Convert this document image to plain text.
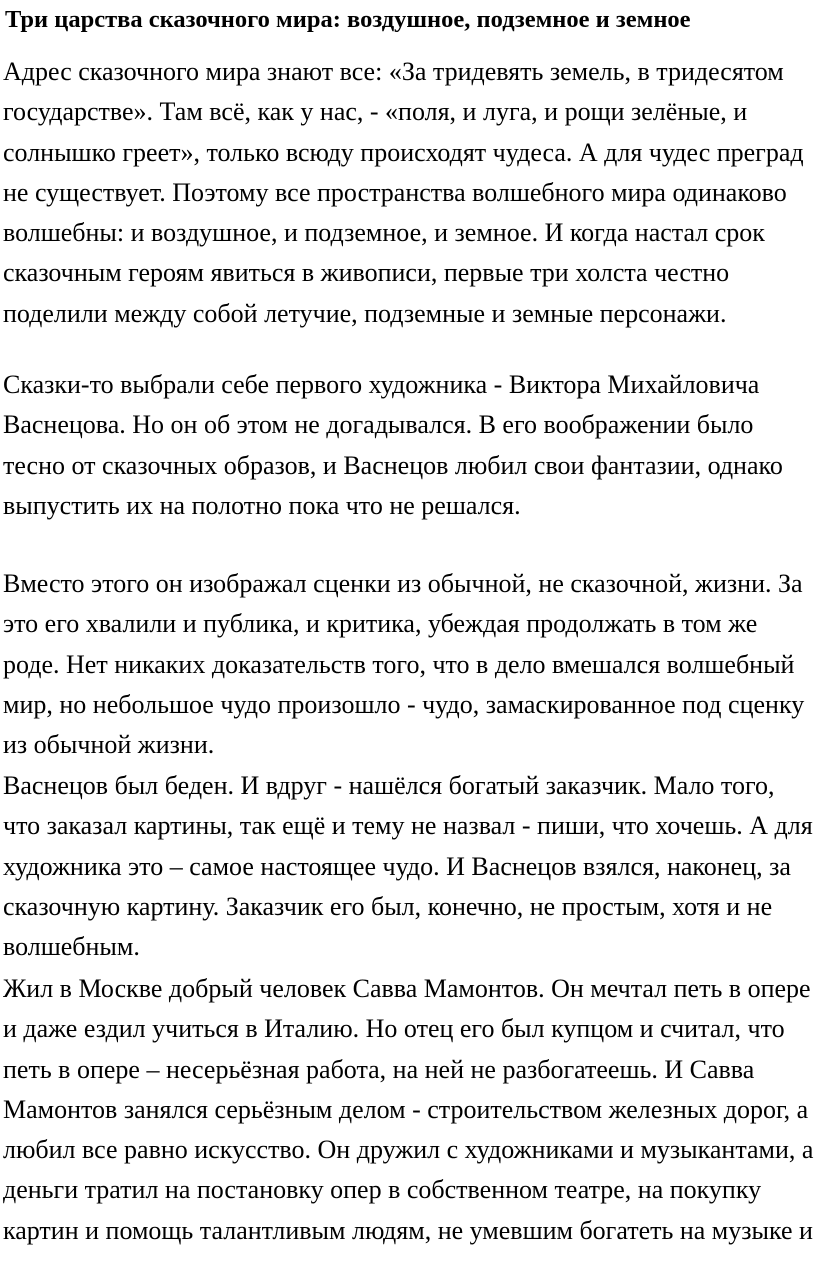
Три царства сказочного мира: воздушное, подземное и земное

Адрес сказочного мира знают все: «За тридевять земель, в тридесятом государстве». Там всё, как у нас, - «поля, и луга, и рощи зелёные, и солнышко греет», только всюду происходят чудеса. А для чудес преград не существует. Поэтому все пространства волшебного мира одинаково волшебны: и воздушное, и подземное, и земное. И когда настал срок сказочным героям явиться в живописи, первые три холста честно поделили между собой летучие, подземные и земные персонажи.

Сказки-то выбрали себе первого художника - Виктора Михайловича Васнецова. Но он об этом не догадывался. В его воображении было тесно от сказочных образов, и Васнецов любил свои фантазии, однако выпустить их на полотно пока что не решался.

Вместо этого он изображал сценки из обычной, не сказочной, жизни. За это его хвалили и публика, и критика, убеждая продолжать в том же роде. Нет никаких доказательств того, что в дело вмешался волшебный мир, но небольшое чудо произошло - чудо, замаскированное под сценку из обычной жизни.

Васнецов был беден. И вдруг - нашёлся богатый заказчик. Мало того, что заказал картины, так ещё и тему не назвал - пиши, что хочешь. А для художника это – самое настоящее чудо. И Васнецов взялся, наконец, за сказочную картину. Заказчик его был, конечно, не простым, хотя и не волшебным.

Жил в Москве добрый человек Савва Мамонтов. Он мечтал петь в опере и даже ездил учиться в Италию. Но отец его был купцом и считал, что петь в опере – несерьёзная работа, на ней не разбогатеешь. И Савва Мамонтов занялся серьёзным делом - строительством железных дорог, а любил все равно искусство. Он дружил с художниками и музыкантами, а деньги тратил на постановку опер в собственном театре, на покупку картин и помощь талантливым людям, не умевшим богатеть на музыке и
